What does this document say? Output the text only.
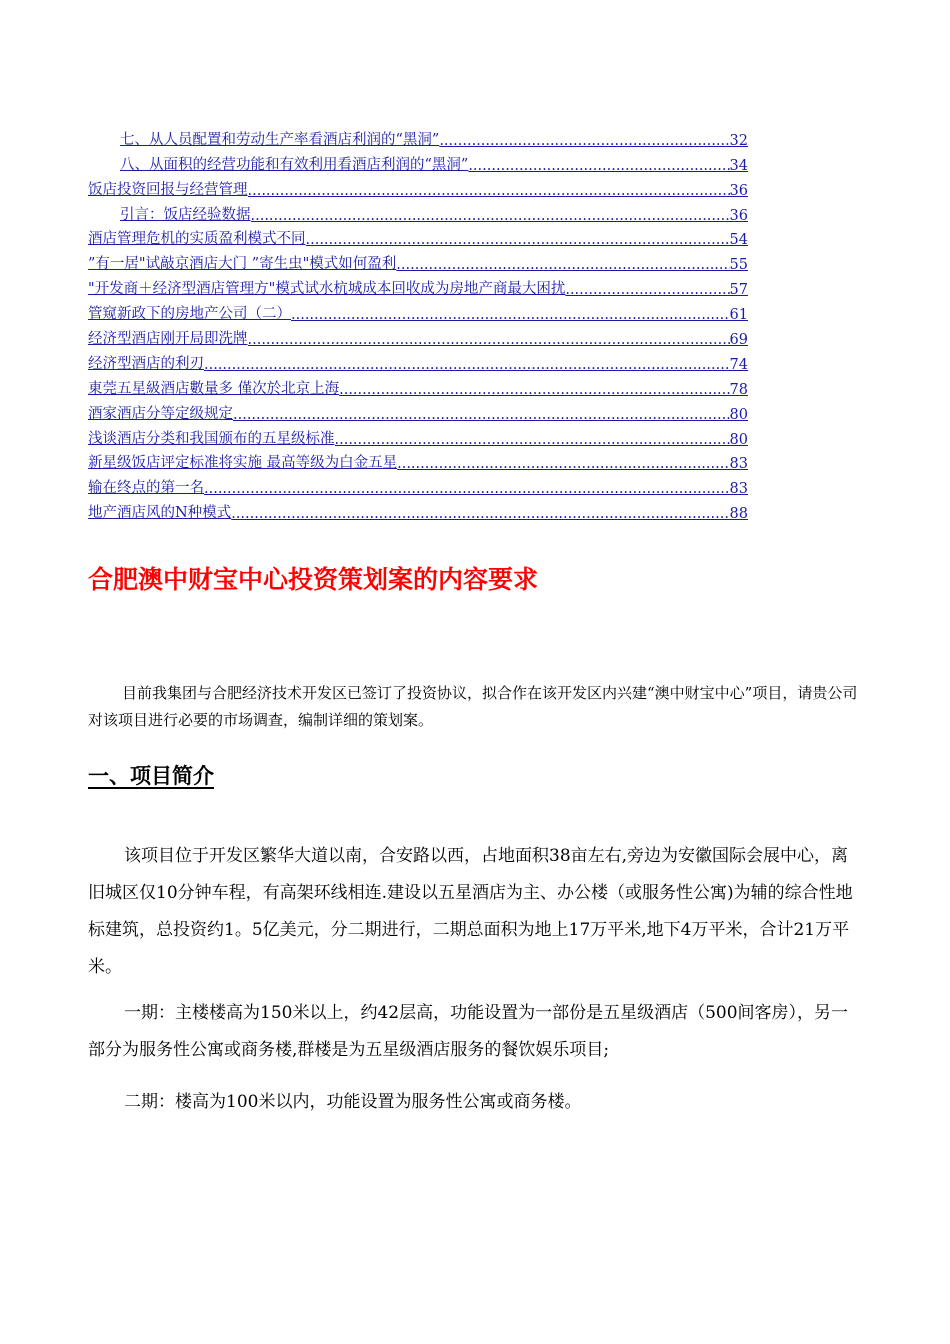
七、从人员配置和劳动生产率看酒店利润的“黑洞” .....	32
八、从面积的经营功能和有效利用看酒店利润的“黑洞” .....	34
饭店投资回报与经营管理 .....	36
引言：饭店经验数据 .....	36
酒店管理危机的实质盈利模式不同 .....	54
”有一居"试敲京酒店大门 ”寄生虫"模式如何盈利 .....	55
"开发商＋经济型酒店管理方"模式试水杭城成本回收成为房地产商最大困扰 .....	57
管窥新政下的房地产公司（二） .....	61
经济型酒店刚开局即洗牌 .....	69
经济型酒店的利刃 .....	74
東莞五星級酒店數量多 僅次於北京上海 .....	78
酒家酒店分等定级规定 .....	80
浅谈酒店分类和我国颁布的五星级标准 .....	80
新星级饭店评定标准将实施 最高等级为白金五星 .....	83
输在终点的第一名 .....	83
地产酒店风的N种模式 .....	88
合肥澳中财宝中心投资策划案的内容要求

目前我集团与合肥经济技术开发区已签订了投资协议，拟合作在该开发区内兴建“澳中财宝中心”项目，请贵公司对该项目进行必要的市场调查，编制详细的策划案。

一、项目简介

该项目位于开发区繁华大道以南，合安路以西，占地面积38亩左右,旁边为安徽国际会展中心，离旧城区仅10分钟车程，有高架环线相连.建设以五星酒店为主、办公楼（或服务性公寓)为辅的综合性地标建筑，总投资约1。5亿美元，分二期进行，二期总面积为地上17万平米,地下4万平米，合计21万平米。

一期：主楼楼高为150米以上，约42层高，功能设置为一部份是五星级酒店（500间客房），另一部分为服务性公寓或商务楼,群楼是为五星级酒店服务的餐饮娱乐项目;

二期：楼高为100米以内，功能设置为服务性公寓或商务楼。
